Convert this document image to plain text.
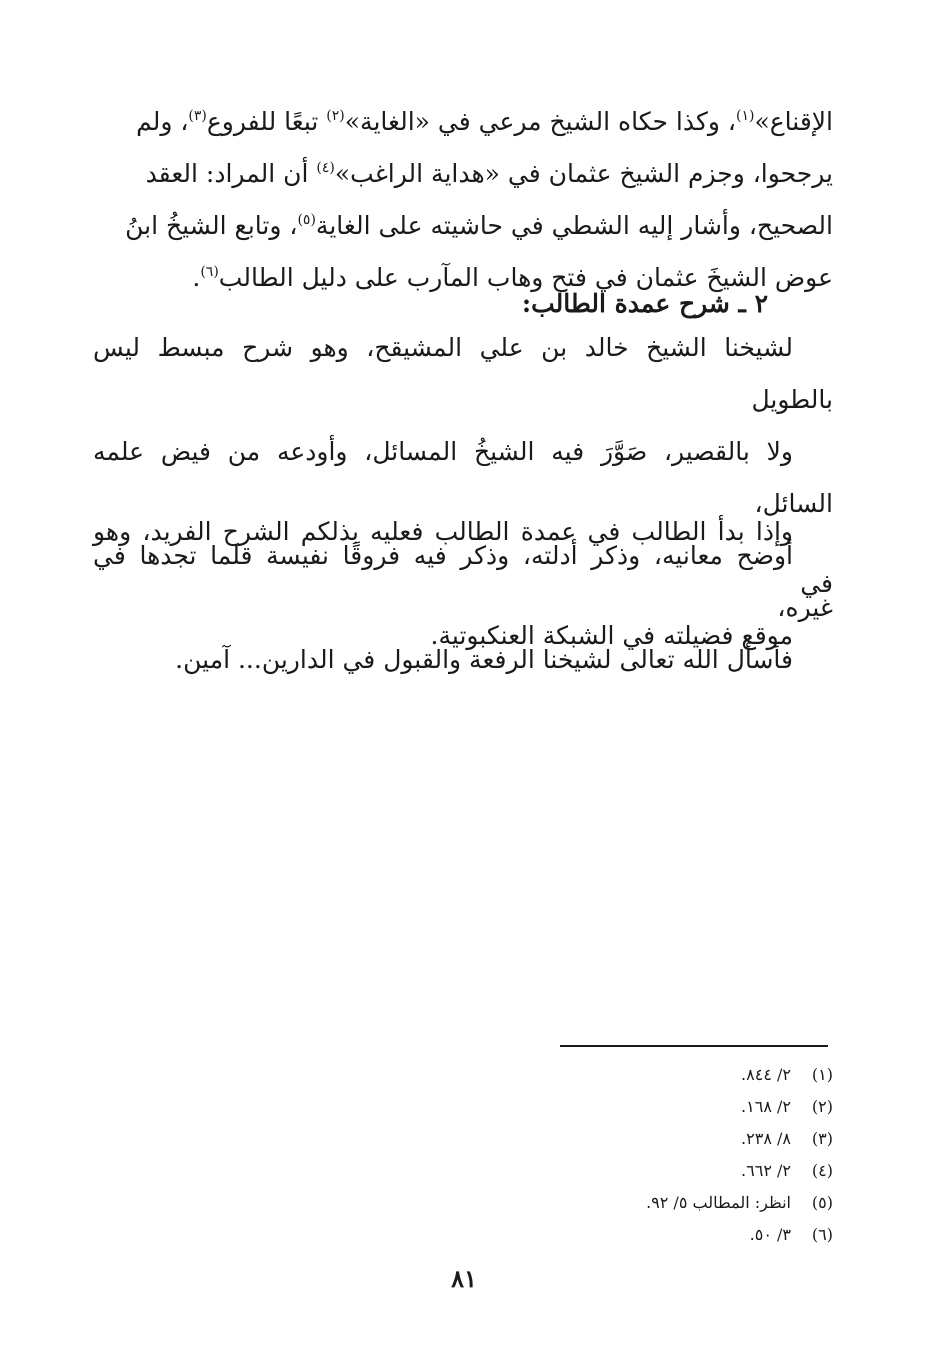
الإقناع»$^{(١)}$، وكذا حكاه الشيخ مرعي في «الغاية»$^{(٢)}$ تبعًا للفروع$^{(٣)}$، ولم
يرجحوا، وجزم الشيخ عثمان في «هداية الراغب»$^{(٤)}$ أن المراد: العقد
الصحيح، وأشار إليه الشطي في حاشيته على الغاية$^{(٥)}$، وتابع الشيخُ ابنُ
عوض الشيخَ عثمان في فتح وهاب المآرب على دليل الطالب$^{(٦)}$.
٢ ـ شرح عمدة الطالب:
لشيخنا الشيخ خالد بن علي المشيقح، وهو شرح مبسط ليس بالطويل
ولا بالقصير، صَوَّرَ فيه الشيخُ المسائل، وأودعه من فيض علمه السائل،
أوضح معانيه، وذكر أدلته، وذكر فيه فروقًا نفيسة قلما تجدها في غيره،
فأسأل الله تعالى لشيخنا الرفعة والقبول في الدارين... آمين.
وإذا بدأ الطالب في عمدة الطالب فعليه بذلكم الشرح الفريد، وهو في
موقع فضيلته في الشبكة العنكبوتية.
(١)
٢/ ٨٤٤.
(٢)
٢/ ١٦٨.
(٣)
٨/ ٢٣٨.
(٤)
٢/ ٦٦٢.
(٥)
انظر: المطالب ٥/ ٩٢.
(٦)
٣/ ٥٠.
٨١
